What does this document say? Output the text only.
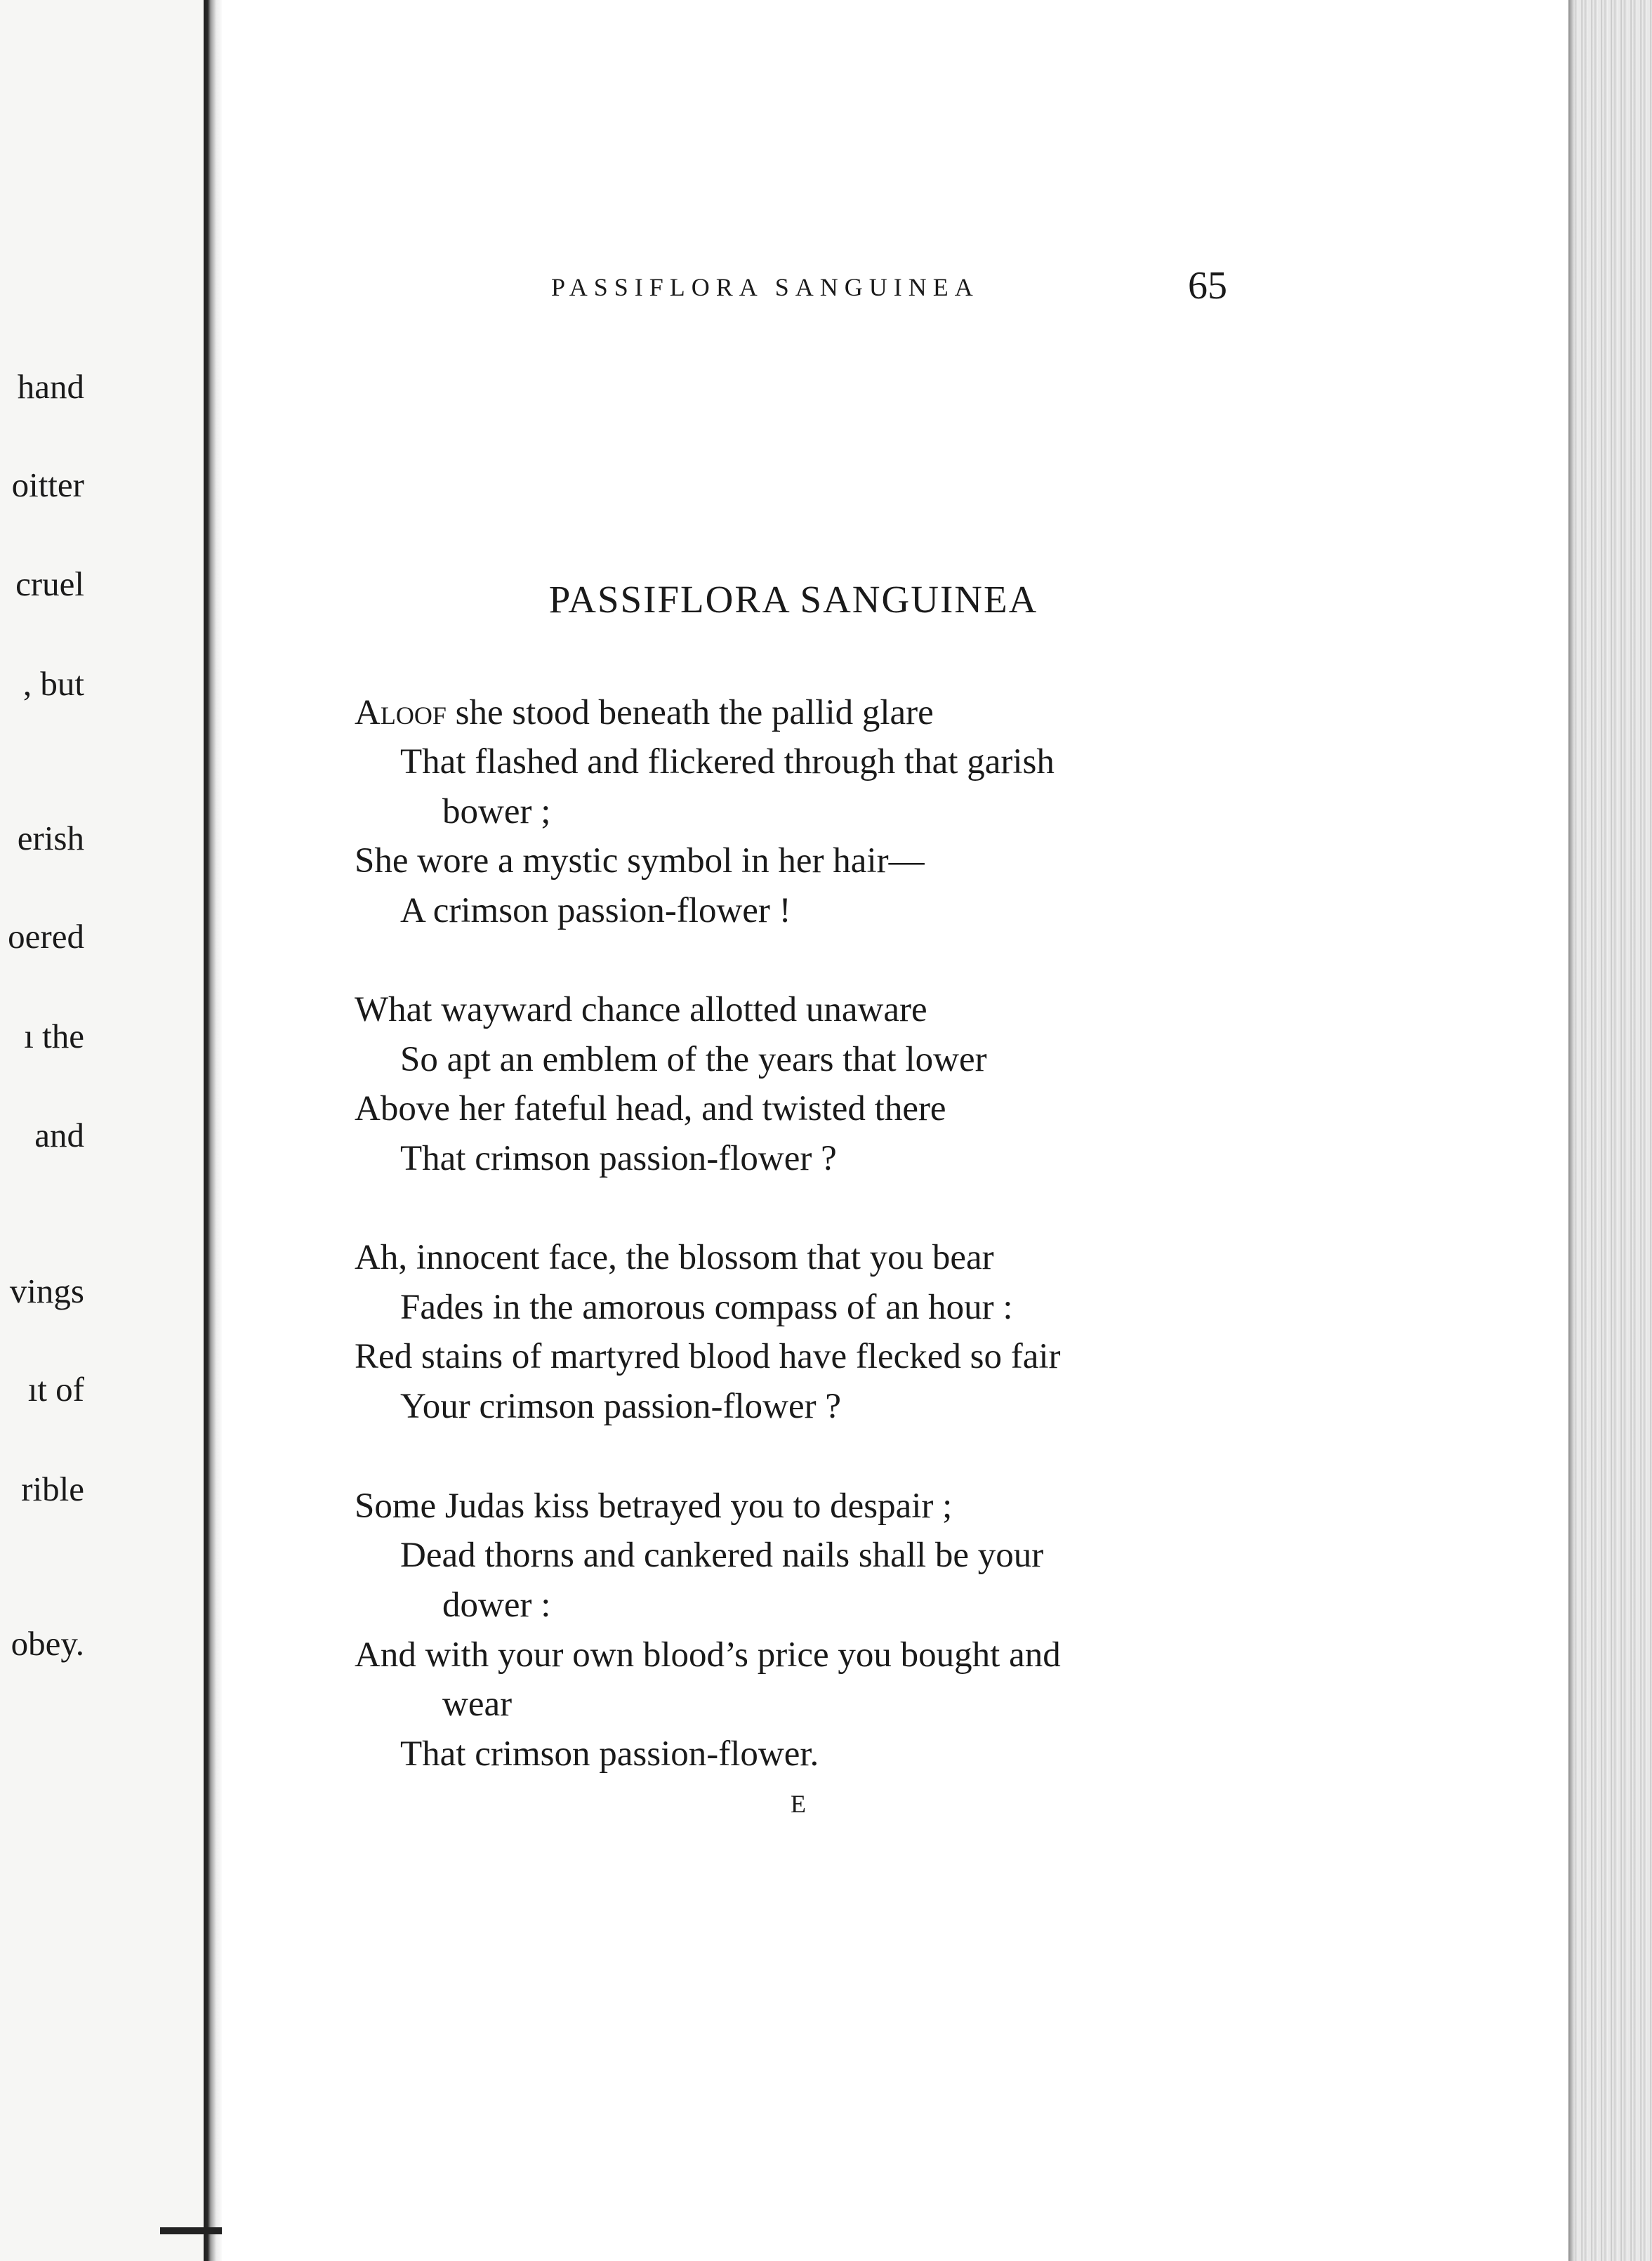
hand
oitter
cruel
, but
erish
oered
ı the
and
vings
ıt of
rible
obey.
PASSIFLORA SANGUINEA	65
PASSIFLORA SANGUINEA
Aloof she stood beneath the pallid glare
That flashed and flickered through that garish
bower ;
She wore a mystic symbol in her hair—
A crimson passion-flower !
What wayward chance allotted unaware
So apt an emblem of the years that lower
Above her fateful head, and twisted there
That crimson passion-flower ?
Ah, innocent face, the blossom that you bear
Fades in the amorous compass of an hour :
Red stains of martyred blood have flecked so fair
Your crimson passion-flower ?
Some Judas kiss betrayed you to despair ;
Dead thorns and cankered nails shall be your
dower :
And with your own blood’s price you bought and
wear
That crimson passion-flower.
E
